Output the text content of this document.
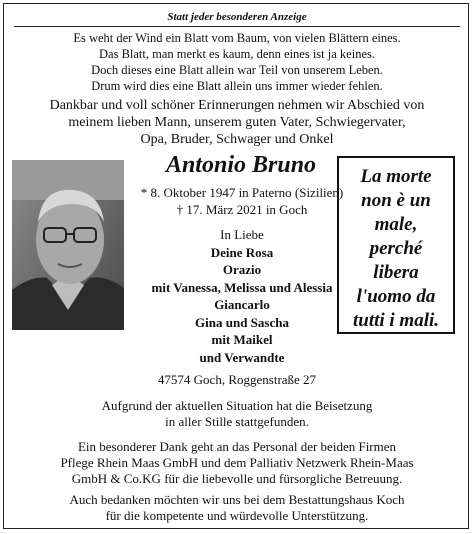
Statt jeder besonderen Anzeige
Es weht der Wind ein Blatt vom Baum, von vielen Blättern eines.
Das Blatt, man merkt es kaum, denn eines ist ja keines.
Doch dieses eine Blatt allein war Teil von unserem Leben.
Drum wird dies eine Blatt allein uns immer wieder fehlen.
Dankbar und voll schöner Erinnerungen nehmen wir Abschied von
meinem lieben Mann, unserem guten Vater, Schwiegervater,
Opa, Bruder, Schwager und Onkel
Antonio Bruno
* 8. Oktober 1947 in Paterno (Sizilien)
† 17. März 2021 in Goch
In Liebe
Deine Rosa
Orazio
mit Vanessa, Melissa und Alessia
Giancarlo
Gina und Sascha
mit Maikel
und Verwandte
La morte
non è un
male,
perché
libera
l'uomo da
tutti i mali.
47574 Goch, Roggenstraße 27
Aufgrund der aktuellen Situation hat die Beisetzung
in aller Stille stattgefunden.
Ein besonderer Dank geht an das Personal der beiden Firmen
Pflege Rhein Maas GmbH und dem Palliativ Netzwerk Rhein-Maas
GmbH & Co.KG für die liebevolle und fürsorgliche Betreuung.
Auch bedanken möchten wir uns bei dem Bestattungshaus Koch
für die kompetente und würdevolle Unterstützung.
